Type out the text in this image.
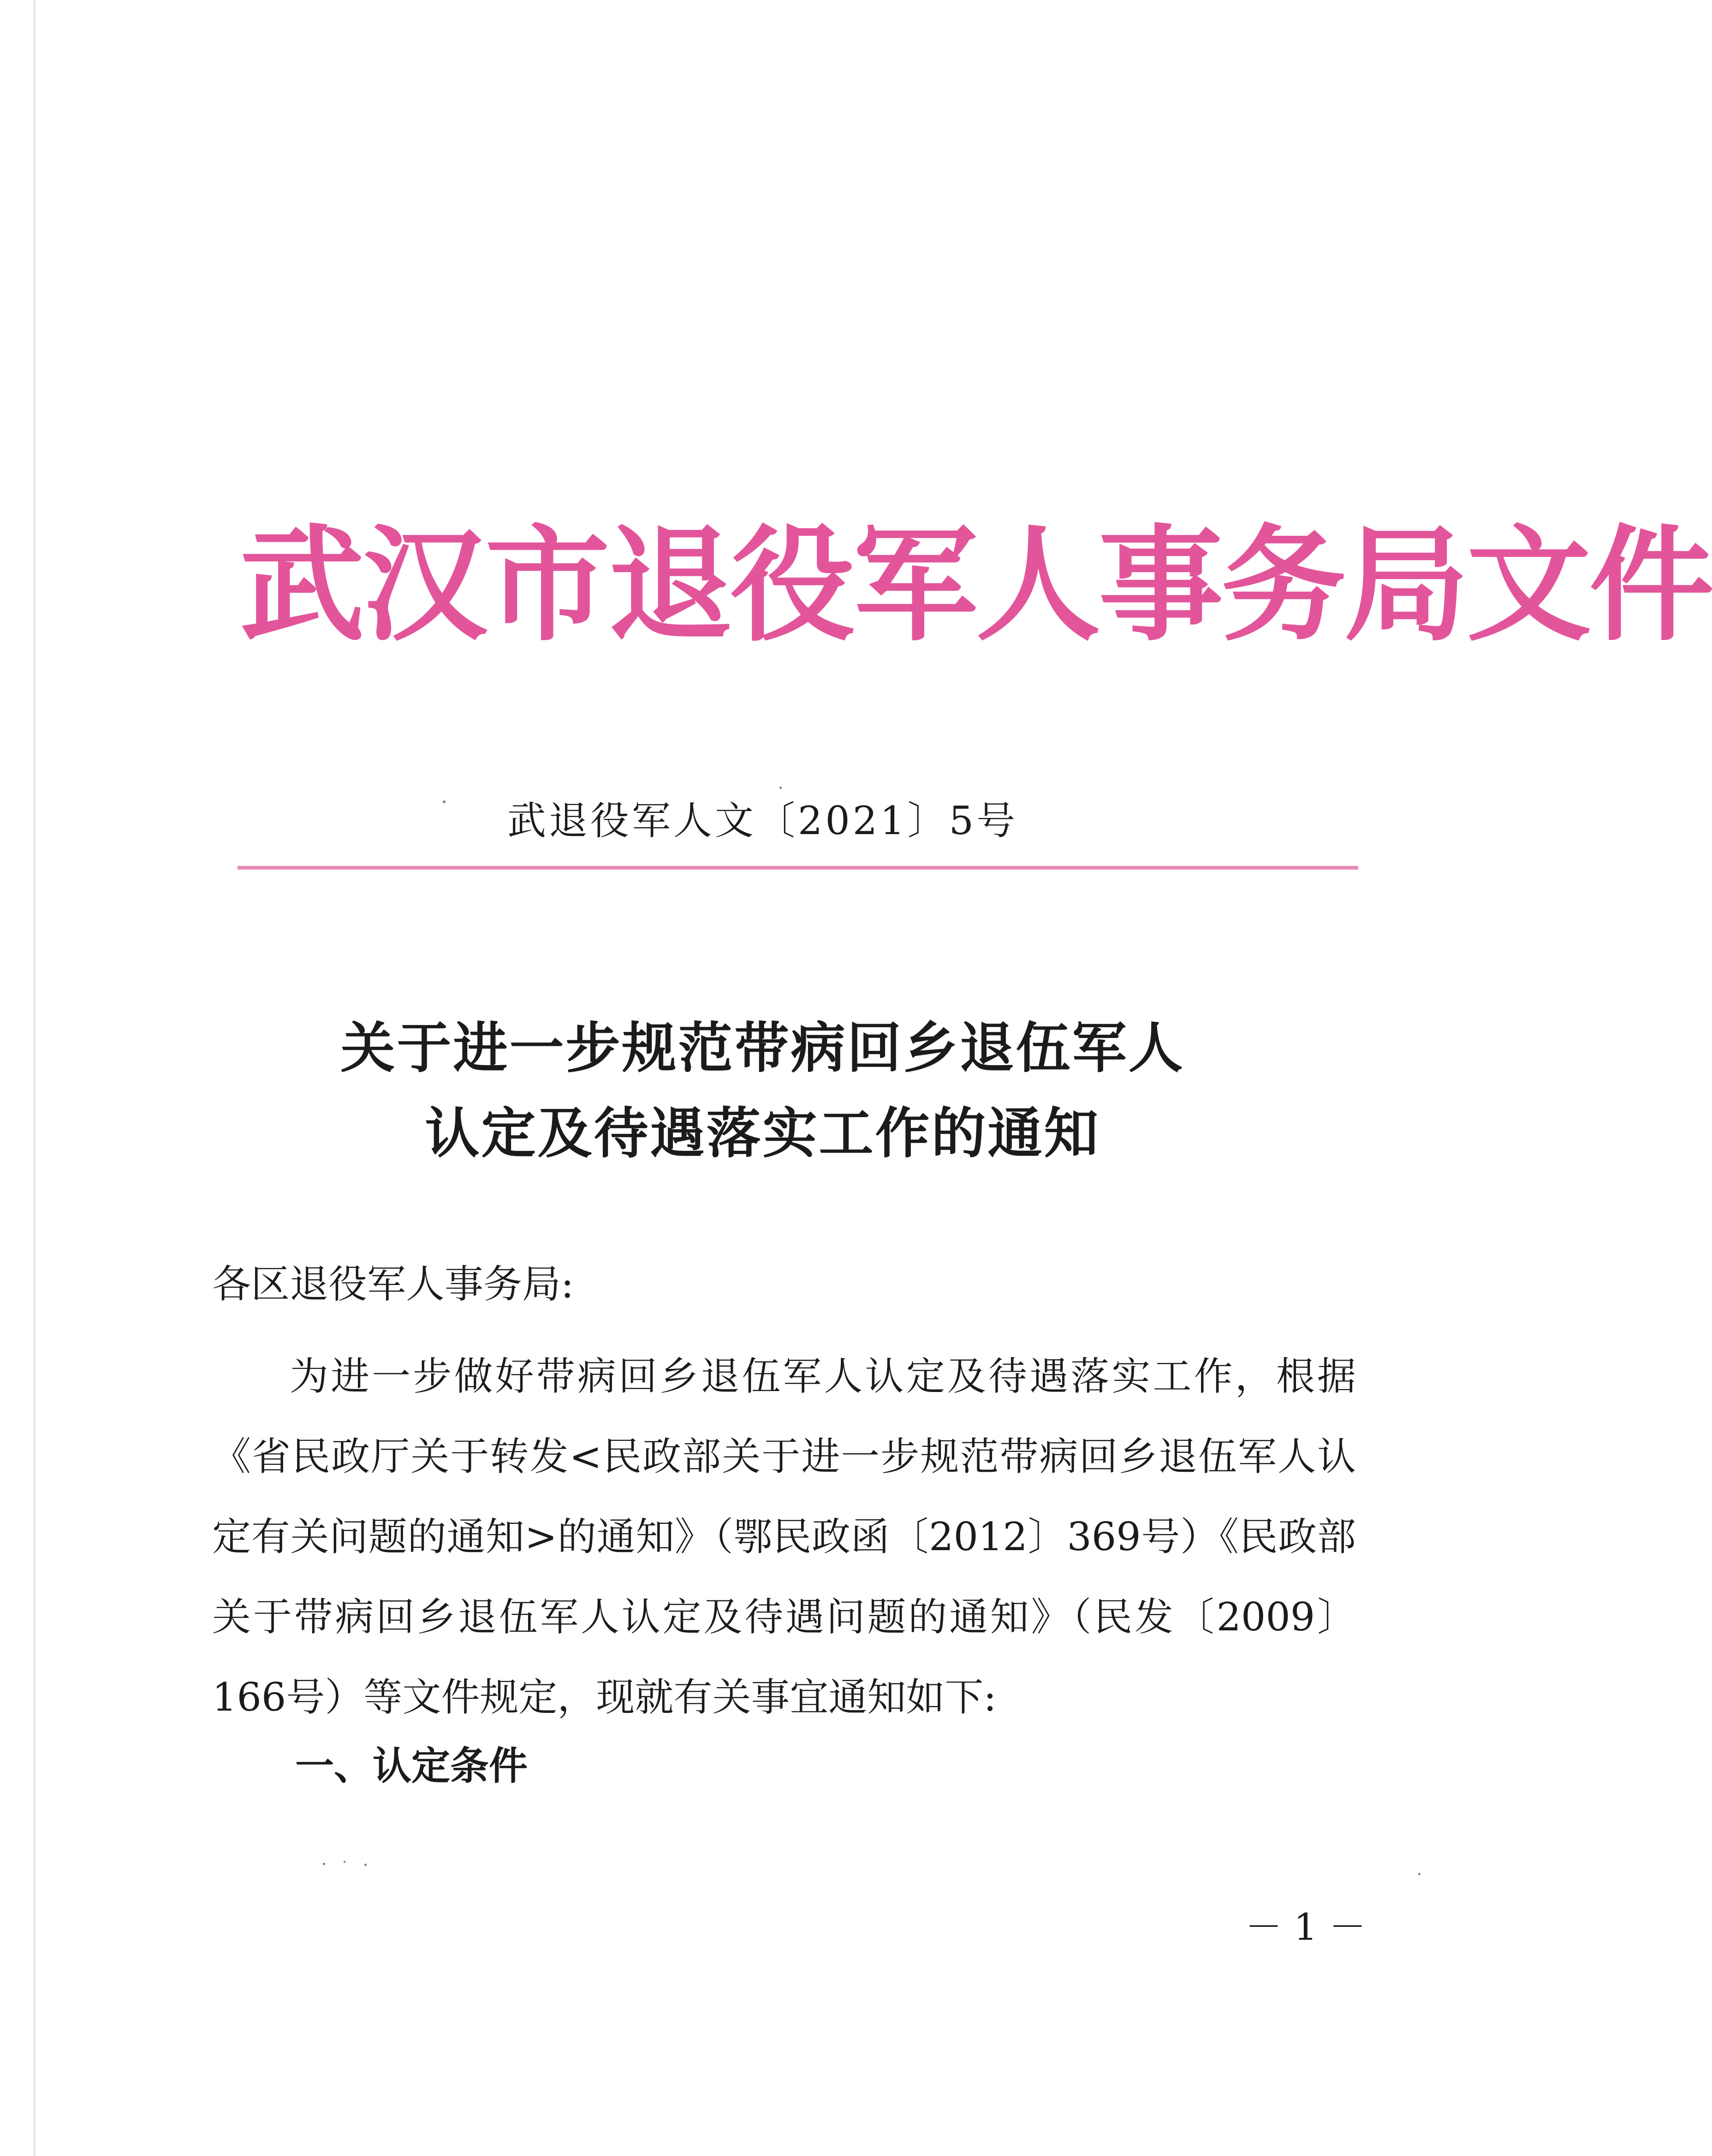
武汉市退役军人事务局文件
武退役军人文〔2021〕5号
关于进一步规范带病回乡退伍军人
认定及待遇落实工作的通知
各区退役军人事务局:

为进一步做好带病回乡退伍军人认定及待遇落实工作，根据《省民政厅关于转发<民政部关于进一步规范带病回乡退伍军人认定有关问题的通知>的通知》（鄂民政函〔2012〕369号）《民政部关于带病回乡退伍军人认定及待遇问题的通知》（民发〔2009〕166号）等文件规定，现就有关事宜通知如下:

一、认定条件
－ 1 －
